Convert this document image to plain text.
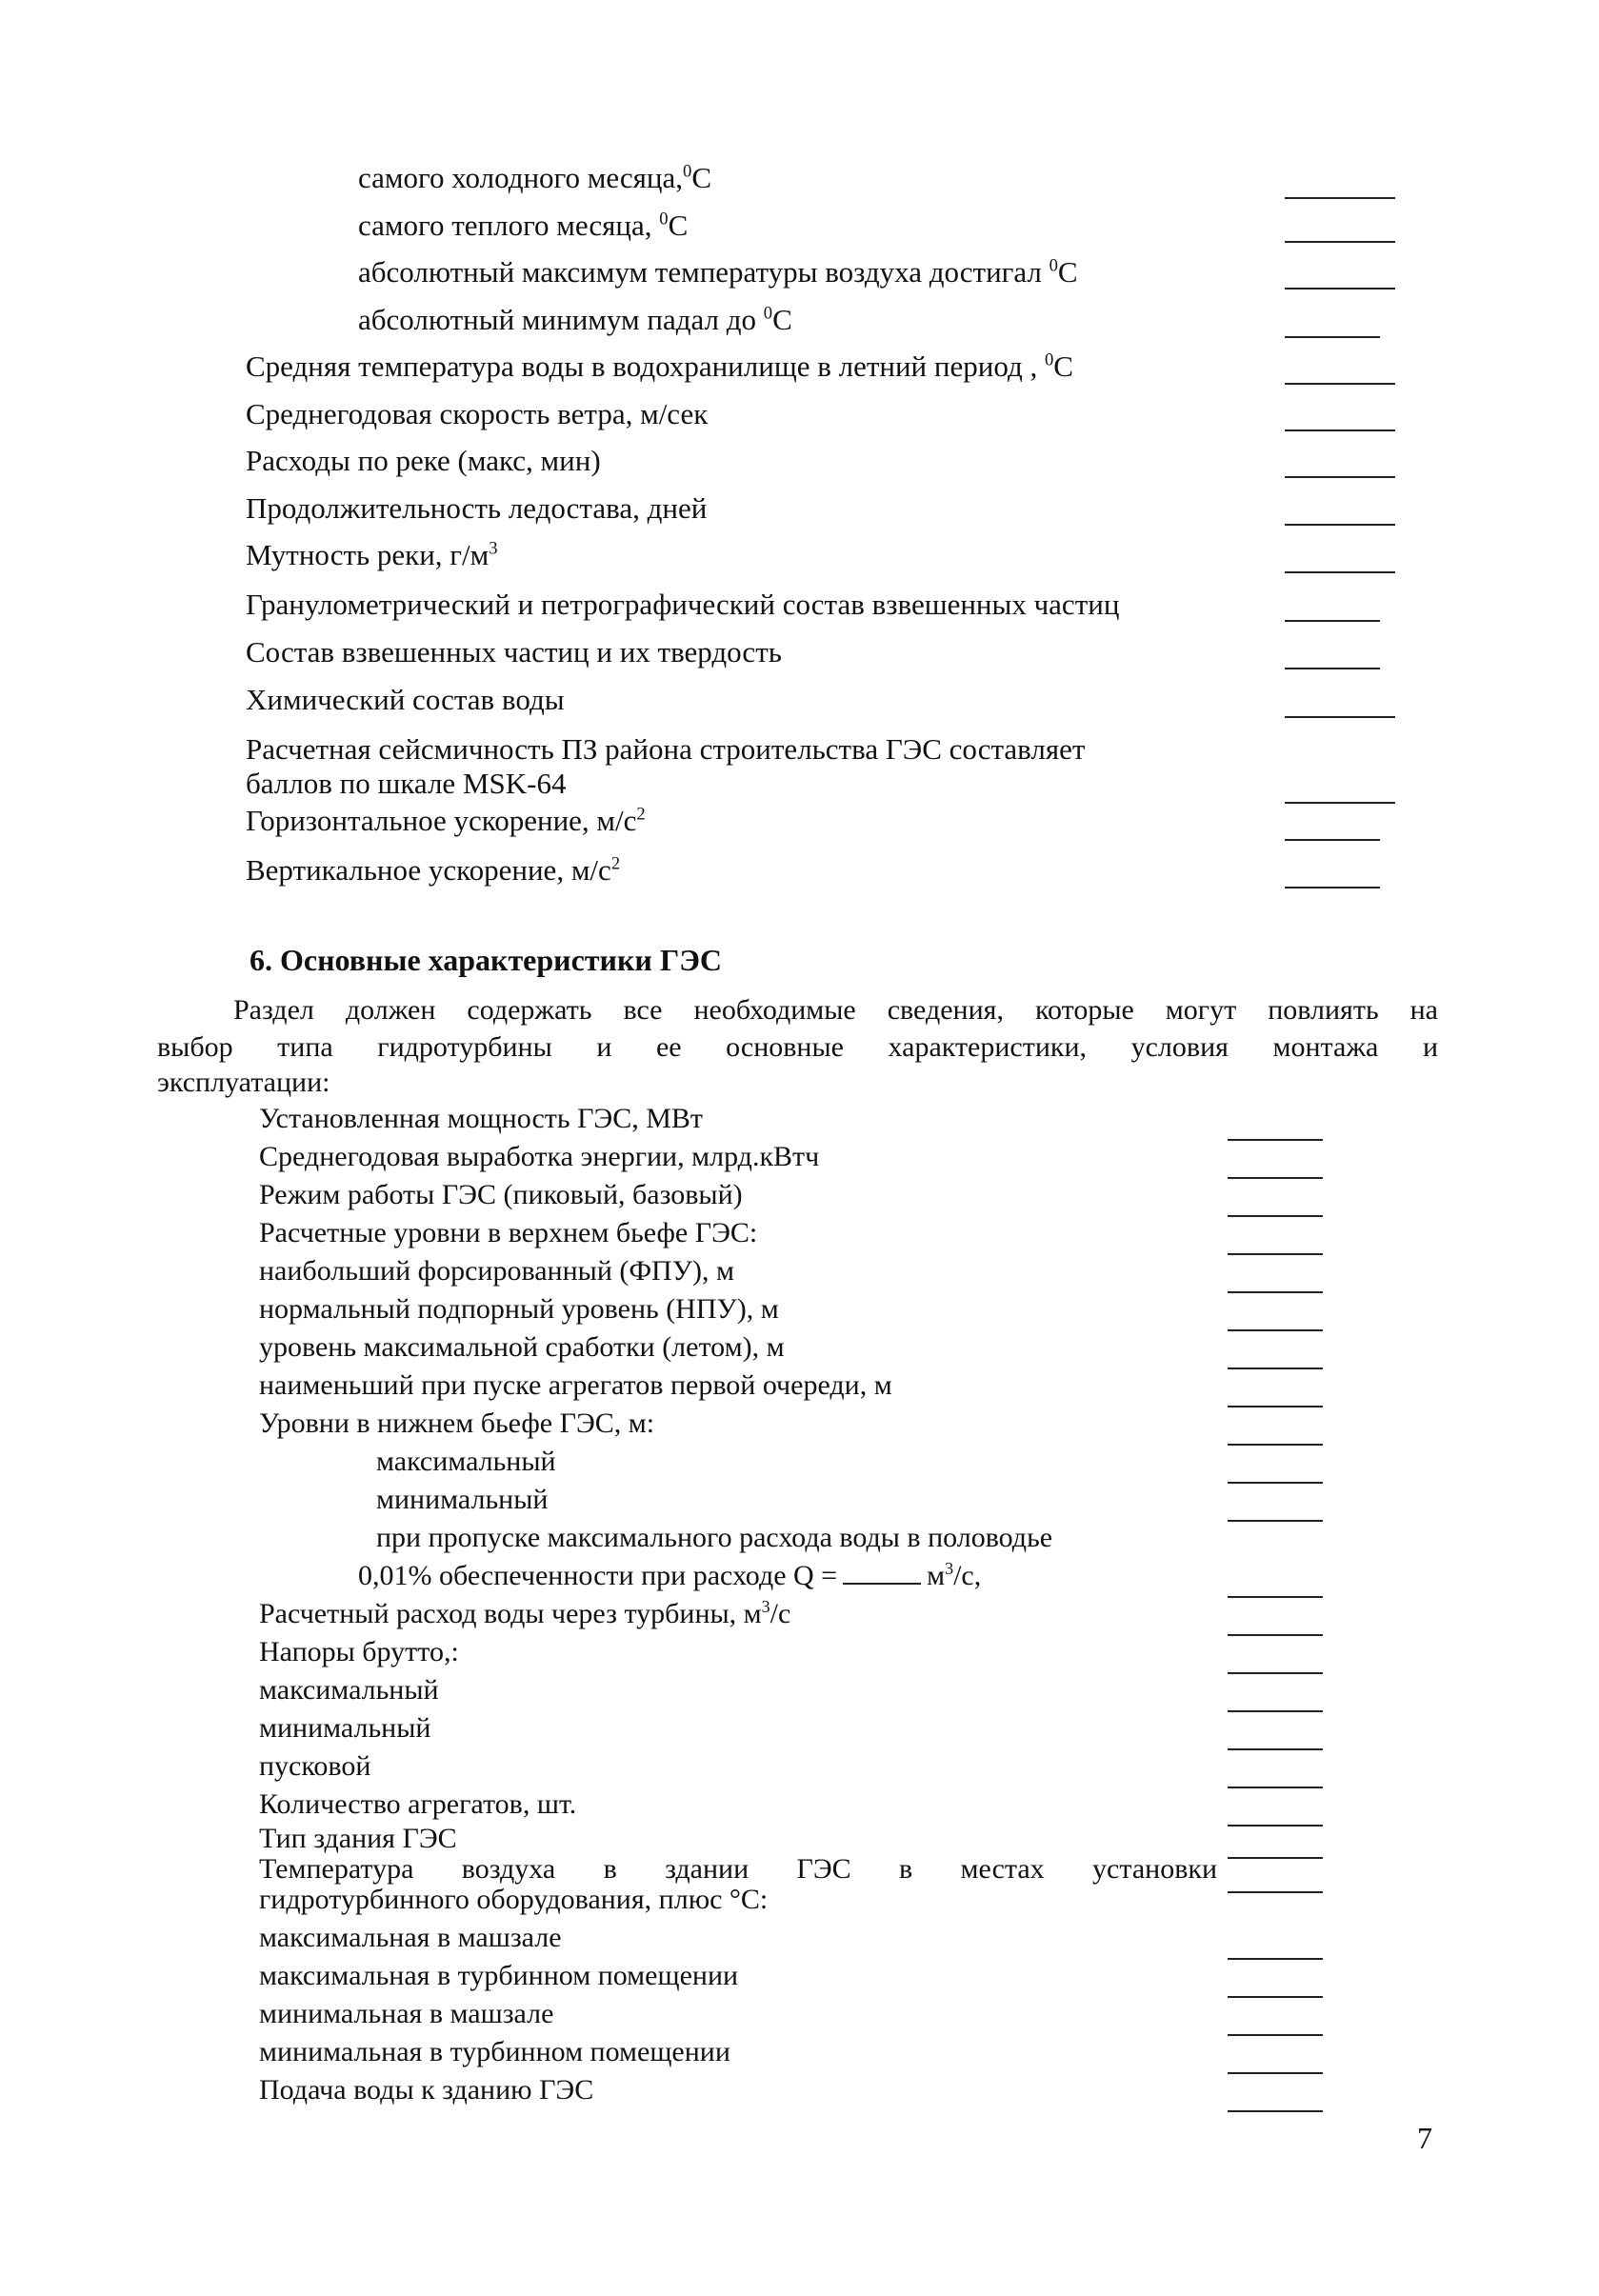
самого холодного месяца,$^0$С
самого теплого месяца, $^0$С
абсолютный максимум температуры воздуха достигал $^0$С
абсолютный минимум падал до $^0$С
Средняя температура воды в водохранилище в летний период , $^0$С
Среднегодовая скорость ветра, м/сек
Расходы по реке (макс, мин)
Продолжительность ледостава, дней
Мутность реки, $г/м^3$
Гранулометрический и петрографический состав взвешенных частиц
Состав взвешенных частиц и их твердость
Химический состав воды
Расчетная сейсмичность ПЗ района строительства ГЭС составляет
баллов по шкале MSK-64
Горизонтальное ускорение, $м/с^2$
Вертикальное ускорение, $м/с^2$
6. Основные характеристики ГЭС
Раздел должен содержать все необходимые сведения, которые могут повлиять на
выбор типа гидротурбины и ее основные характеристики, условия монтажа и
эксплуатации:
Установленная мощность ГЭС, МВт
Среднегодовая выработка энергии, млрд.кВтч
Режим работы ГЭС (пиковый, базовый)
Расчетные уровни в верхнем бьефе ГЭС:
наибольший форсированный (ФПУ), м
нормальный подпорный уровень (НПУ), м
уровень максимальной сработки (летом), м
наименьший при пуске агрегатов первой очереди, м
Уровни в нижнем бьефе ГЭС, м:
максимальный
минимальный
при пропуске максимального расхода воды в половодье
0,01% обеспеченности при расходе Q =	$м^3/с$,
Расчетный расход воды через турбины, $м^3/с$
Напоры брутто,:
максимальный
минимальный
пусковой
Количество агрегатов, шт.
Тип здания ГЭС
Температура воздуха в здании ГЭС в местах установки
гидротурбинного оборудования, плюс °С:
максимальная в машзале
максимальная в турбинном помещении
минимальная в машзале
минимальная в турбинном помещении
Подача воды к зданию ГЭС
7
